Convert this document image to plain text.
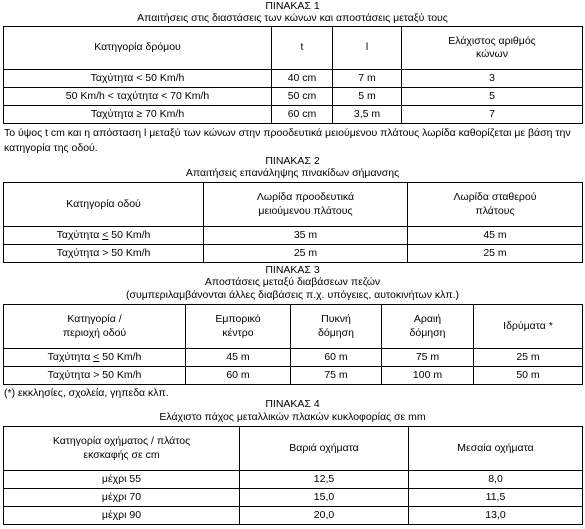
ΠΙΝΑΚΑΣ 1
Απαιτήσεις στις διαστάσεις των κώνων και αποστάσεις μεταξύ τους
Κατηγορία δρόμου	t	l	Ελάχιστος αριθμός κώνων

Ταχύτητα < 50 Km/h	40 cm	7 m	3
50 Km/h < ταχύτητα < 70 Km/h	50 cm	5 m	5
Ταχύτητα ≥ 70 Km/h	60 cm	3,5 m	7
Το ύψος t cm και η απόσταση l μεταξύ των κώνων στην προοδευτικά μειούμενου πλάτους λωρίδα καθορίζεται με βάση την κατηγορία της οδού.
ΠΙΝΑΚΑΣ 2
Απαιτήσεις επανάληψης πινακίδων σήμανσης
Κατηγορία οδού	Λωρίδα προοδευτικά μειούμενου πλάτους	Λωρίδα σταθερού πλάτους

Ταχύτητα < 50 Km/h	35 m	45 m
Ταχύτητα > 50 Km/h	25 m	25 m
ΠΙΝΑΚΑΣ 3
Αποστάσεις μεταξύ διαβάσεων πεζών
(συμπεριλαμβάνονται άλλες διαβάσεις π.χ. υπόγειες, αυτοκινήτων κλπ.)
Κατηγορία / περιοχή οδού	Εμπορικό κέντρο	Πυκνή δόμηση	Αραιή δόμηση	Ιδρύματα *
Ταχύτητα < 50 Km/h	45 m	60 m	75 m	25 m
Ταχύτητα > 50 Km/h	60 m	75 m	100 m	50 m
(*) εκκλησίες, σχολεία, γηπεδα κλπ.
ΠΙΝΑΚΑΣ 4
Ελάχιστο πάχος μεταλλικών πλακών κυκλοφορίας σε mm
Κατηγορία οχήματος / πλάτος εκσκαφής σε cm	Βαριά οχήματα	Μεσαία οχήματα
μέχρι 55	12,5	8,0
μέχρι 70	15,0	11,5
μέχρι 90	20,0	13,0
